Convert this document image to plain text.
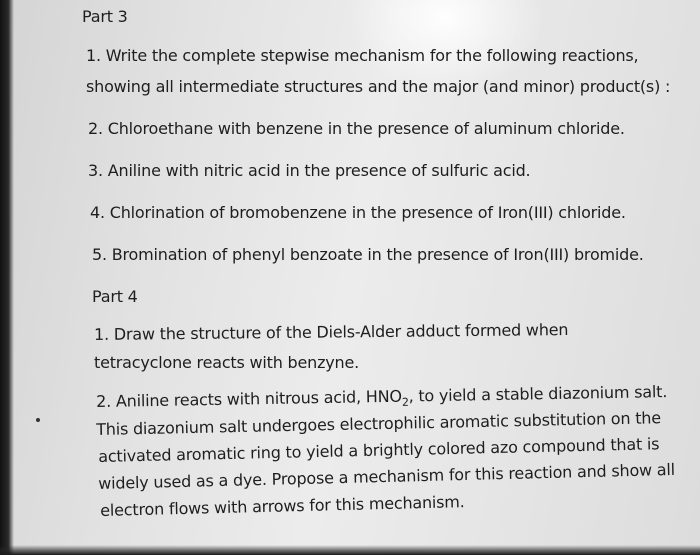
Part 3
1. Write the complete stepwise mechanism for the following reactions,
showing all intermediate structures and the major (and minor) product(s) :
2. Chloroethane with benzene in the presence of aluminum chloride.
3. Aniline with nitric acid in the presence of sulfuric acid.
4. Chlorination of bromobenzene in the presence of Iron(III) chloride.
5. Bromination of phenyl benzoate in the presence of Iron(III) bromide.
Part 4
1. Draw the structure of the Diels-Alder adduct formed when
tetracyclone reacts with benzyne.
2. Aniline reacts with nitrous acid, $HNO_2$, to yield a stable diazonium salt.
This diazonium salt undergoes electrophilic aromatic substitution on the
activated aromatic ring to yield a brightly colored azo compound that is
widely used as a dye. Propose a mechanism for this reaction and show all
electron flows with arrows for this mechanism.
